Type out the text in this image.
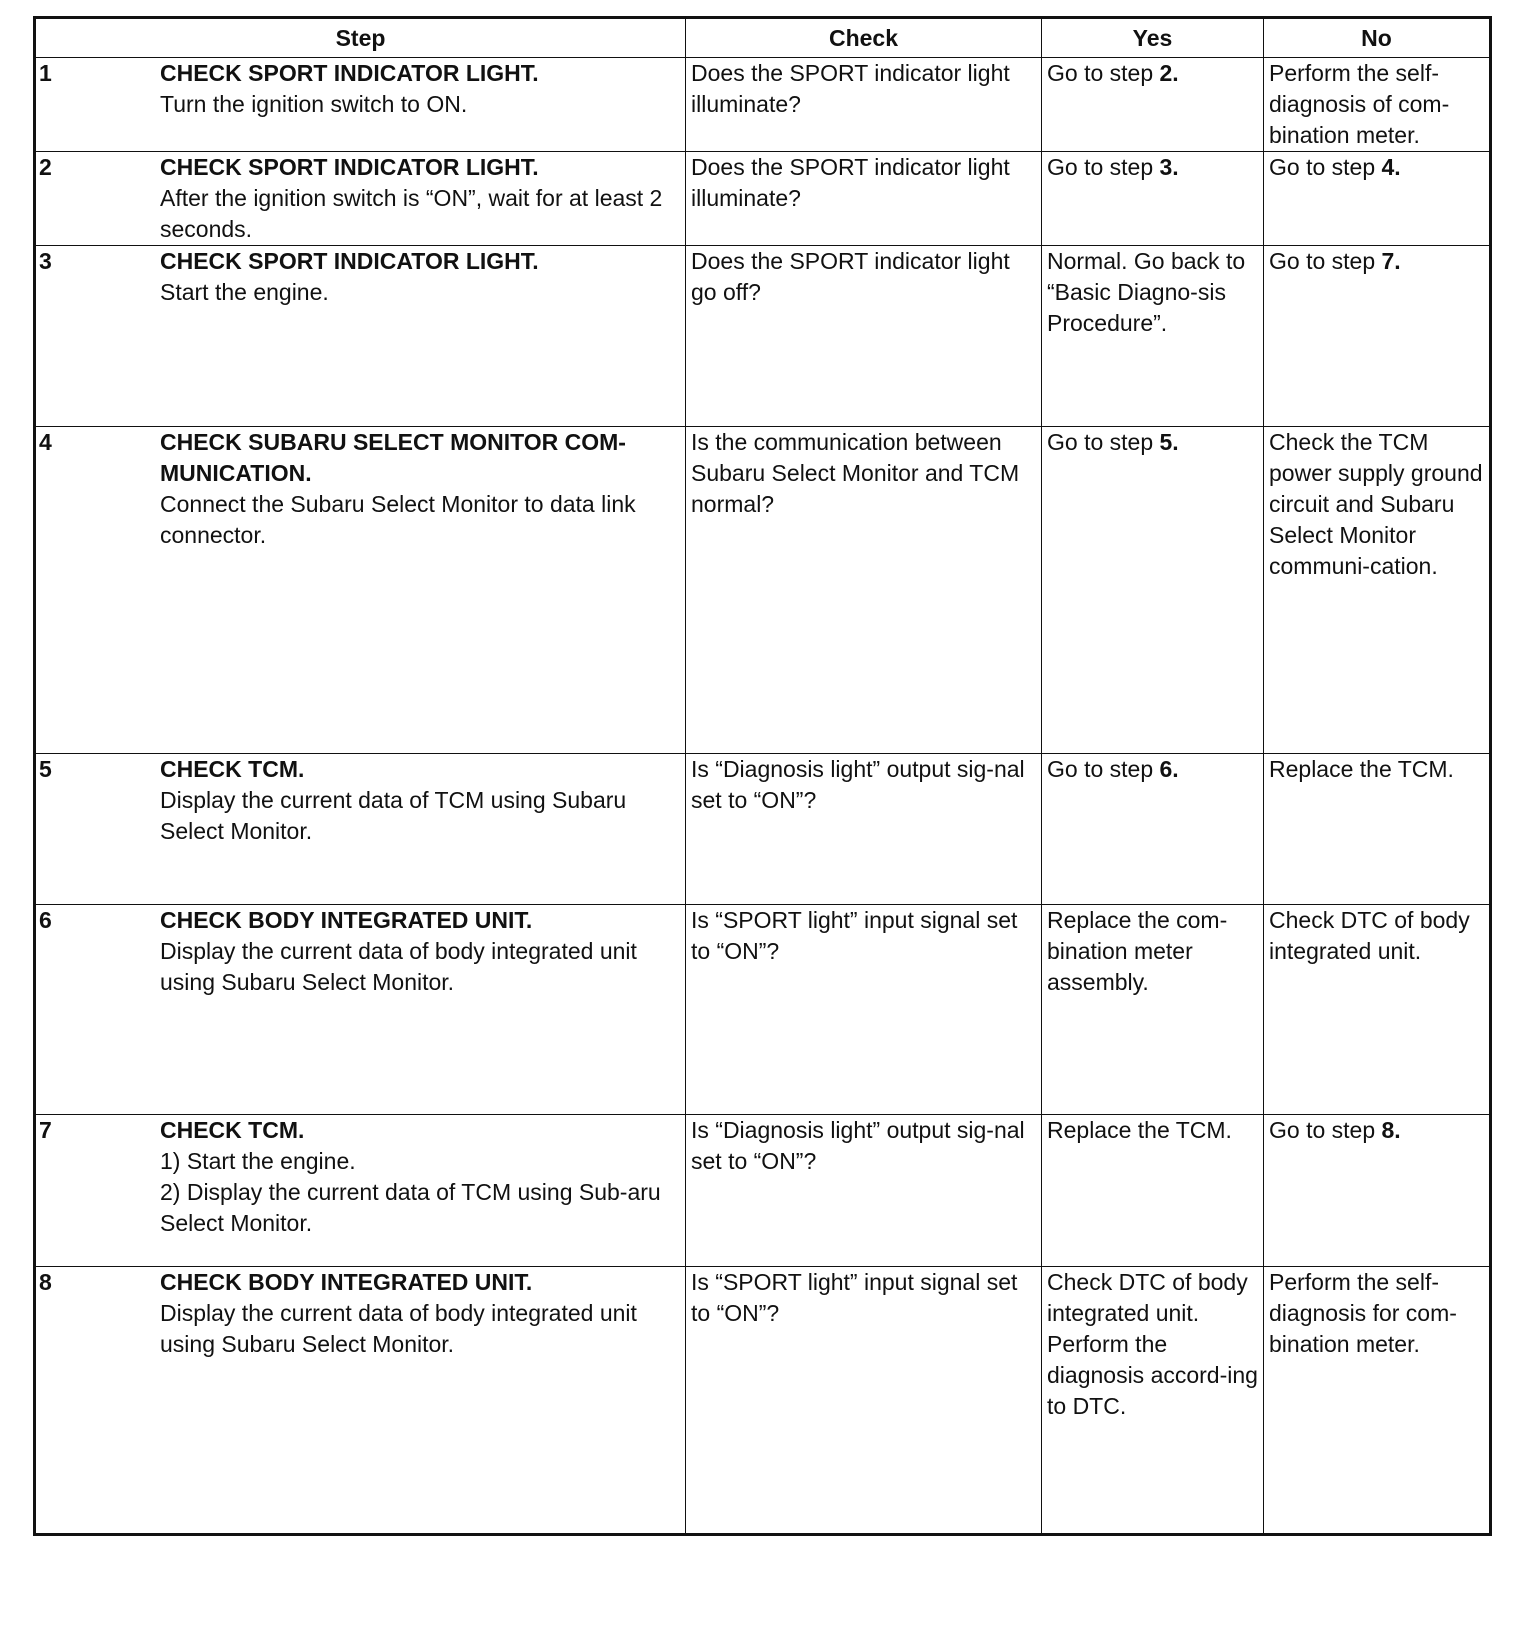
Step	Check	Yes	No

1 CHECK SPORT INDICATOR LIGHT.
Turn the ignition switch to ON.	Does the SPORT indicator light illuminate?	Go to step 2.	Perform the self-diagnosis of com-bination meter.

2 CHECK SPORT INDICATOR LIGHT.
After the ignition switch is “ON”, wait for at least 2 seconds.	Does the SPORT indicator light illuminate?	Go to step 3.	Go to step 4.

3 CHECK SPORT INDICATOR LIGHT.
Start the engine.	Does the SPORT indicator light go off?	Normal. Go back to “Basic Diagno-sis Procedure”.	Go to step 7.

4 CHECK SUBARU SELECT MONITOR COM-MUNICATION.
Connect the Subaru Select Monitor to data link connector.	Is the communication between Subaru Select Monitor and TCM normal?	Go to step 5.	Check the TCM power supply ground circuit and Subaru Select Monitor communi-cation.

5 CHECK TCM.
Display the current data of TCM using Subaru Select Monitor.	Is “Diagnosis light” output sig-nal set to “ON”?	Go to step 6.	Replace the TCM.

6 CHECK BODY INTEGRATED UNIT.
Display the current data of body integrated unit using Subaru Select Monitor.	Is “SPORT light” input signal set to “ON”?	Replace the com-bination meter assembly.	Check DTC of body integrated unit.

7 CHECK TCM.
1) Start the engine.
2) Display the current data of TCM using Sub-aru Select Monitor.	Is “Diagnosis light” output sig-nal set to “ON”?	Replace the TCM.	Go to step 8.

8 CHECK BODY INTEGRATED UNIT.
Display the current data of body integrated unit using Subaru Select Monitor.	Is “SPORT light” input signal set to “ON”?	Check DTC of body integrated unit. Perform the diagnosis accord-ing to DTC.	Perform the self-diagnosis for com-bination meter.
